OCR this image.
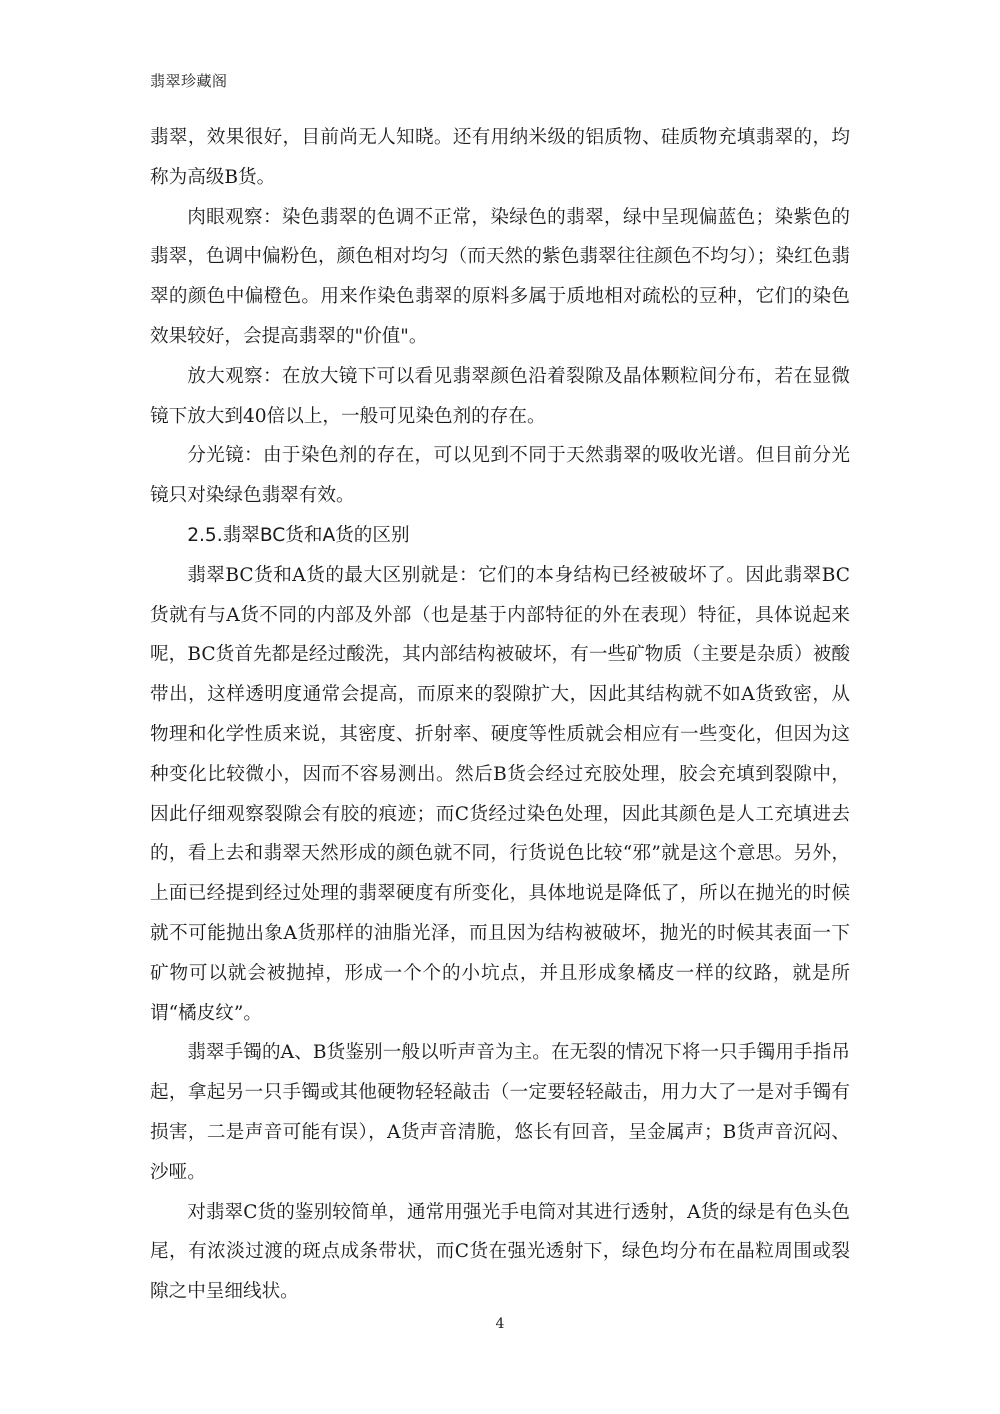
翡翠珍藏阁

翡翠，效果很好，目前尚无人知晓。还有用纳米级的铝质物、硅质物充填翡翠的，均称为高级B货。

肉眼观察：染色翡翠的色调不正常，染绿色的翡翠，绿中呈现偏蓝色；染紫色的翡翠，色调中偏粉色，颜色相对均匀（而天然的紫色翡翠往往颜色不均匀）；染红色翡翠的颜色中偏橙色。用来作染色翡翠的原料多属于质地相对疏松的豆种，它们的染色效果较好，会提高翡翠的"价值"。

放大观察：在放大镜下可以看见翡翠颜色沿着裂隙及晶体颗粒间分布，若在显微镜下放大到40倍以上，一般可见染色剂的存在。

分光镜：由于染色剂的存在，可以见到不同于天然翡翠的吸收光谱。但目前分光镜只对染绿色翡翠有效。

2.5.翡翠BC货和A货的区别

翡翠BC货和A货的最大区别就是：它们的本身结构已经被破坏了。因此翡翠BC货就有与A货不同的内部及外部（也是基于内部特征的外在表现）特征，具体说起来呢，BC货首先都是经过酸洗，其内部结构被破坏，有一些矿物质（主要是杂质）被酸带出，这样透明度通常会提高，而原来的裂隙扩大，因此其结构就不如A货致密，从物理和化学性质来说，其密度、折射率、硬度等性质就会相应有一些变化，但因为这种变化比较微小，因而不容易测出。然后B货会经过充胶处理，胶会充填到裂隙中，因此仔细观察裂隙会有胶的痕迹；而C货经过染色处理，因此其颜色是人工充填进去的，看上去和翡翠天然形成的颜色就不同，行货说色比较“邪”就是这个意思。另外，上面已经提到经过处理的翡翠硬度有所变化，具体地说是降低了，所以在抛光的时候就不可能抛出象A货那样的油脂光泽，而且因为结构被破坏，抛光的时候其表面一下矿物可以就会被抛掉，形成一个个的小坑点，并且形成象橘皮一样的纹路，就是所谓“橘皮纹”。

翡翠手镯的A、B货鉴别一般以听声音为主。在无裂的情况下将一只手镯用手指吊起，拿起另一只手镯或其他硬物轻轻敲击（一定要轻轻敲击，用力大了一是对手镯有损害，二是声音可能有误），A货声音清脆，悠长有回音，呈金属声；B货声音沉闷、沙哑。

对翡翠C货的鉴别较简单，通常用强光手电筒对其进行透射，A货的绿是有色头色尾，有浓淡过渡的斑点成条带状，而C货在强光透射下，绿色均分布在晶粒周围或裂隙之中呈细线状。

4
